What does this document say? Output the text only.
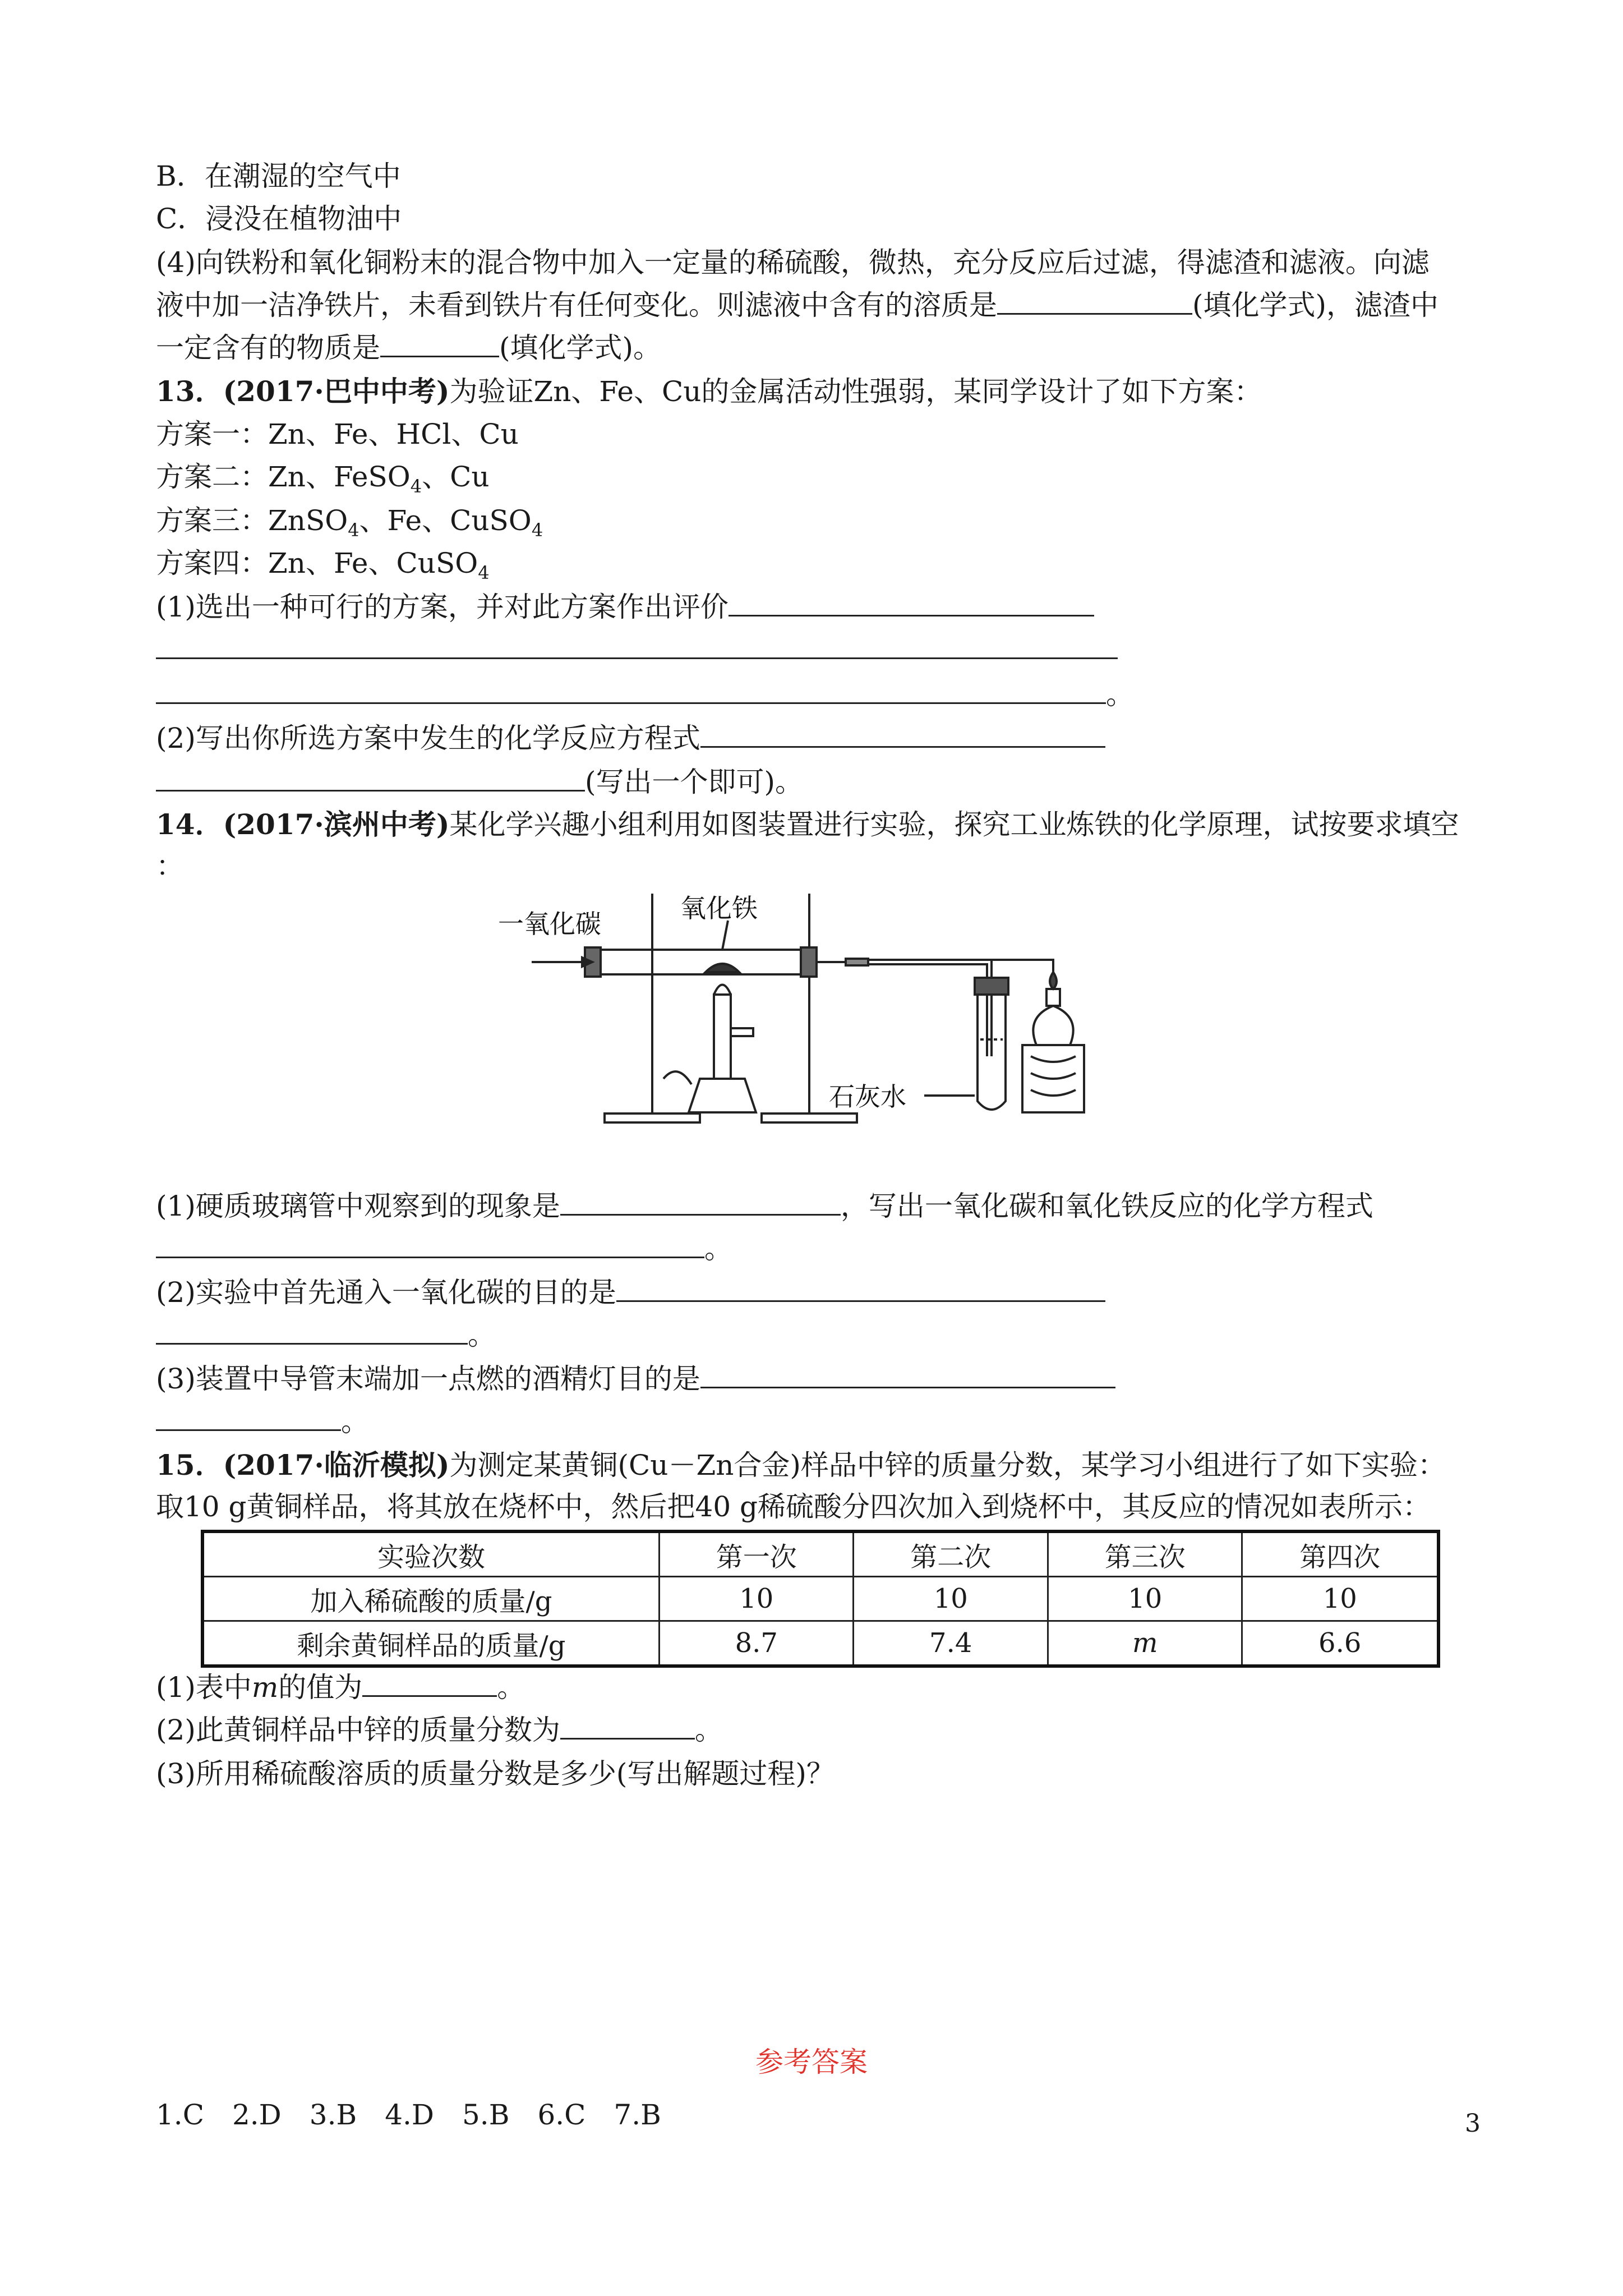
B．在潮湿的空气中
C．浸没在植物油中
(4)向铁粉和氧化铜粉末的混合物中加入一定量的稀硫酸，微热，充分反应后过滤，得滤渣和滤液。向滤
液中加一洁净铁片，未看到铁片有任何变化。则滤液中含有的溶质是	(填化学式)，滤渣中
一定含有的物质是	(填化学式)。
13．(2017·巴中中考)为验证Zn、Fe、Cu的金属活动性强弱，某同学设计了如下方案：
方案一：Zn、Fe、HCl、Cu
方案二：Zn、FeSO$_4$、Cu
方案三：ZnSO$_4$、Fe、CuSO$_4$
方案四：Zn、Fe、CuSO$_4$
(1)选出一种可行的方案，并对此方案作出评价
。
(2)写出你所选方案中发生的化学反应方程式
(写出一个即可)。
14．(2017·滨州中考)某化学兴趣小组利用如图装置进行实验，探究工业炼铁的化学原理，试按要求填空
：
一氧化碳
氧化铁
石灰水
(1)硬质玻璃管中观察到的现象是	，写出一氧化碳和氧化铁反应的化学方程式
。
(2)实验中首先通入一氧化碳的目的是
。
(3)装置中导管末端加一点燃的酒精灯目的是
。
15．(2017·临沂模拟)为测定某黄铜(Cu－Zn合金)样品中锌的质量分数，某学习小组进行了如下实验：
取10 g黄铜样品，将其放在烧杯中，然后把40 g稀硫酸分四次加入到烧杯中，其反应的情况如表所示：
实验次数	第一次	第二次	第三次	第四次
加入稀硫酸的质量/g	10	10	10	10
剩余黄铜样品的质量/g	8.7	7.4	m	6.6
(1)表中m的值为	。
(2)此黄铜样品中锌的质量分数为	。
(3)所用稀硫酸溶质的质量分数是多少(写出解题过程)？
参考答案
1.C　2.D　3.B　4.D　5.B　6.C　7.B	3
